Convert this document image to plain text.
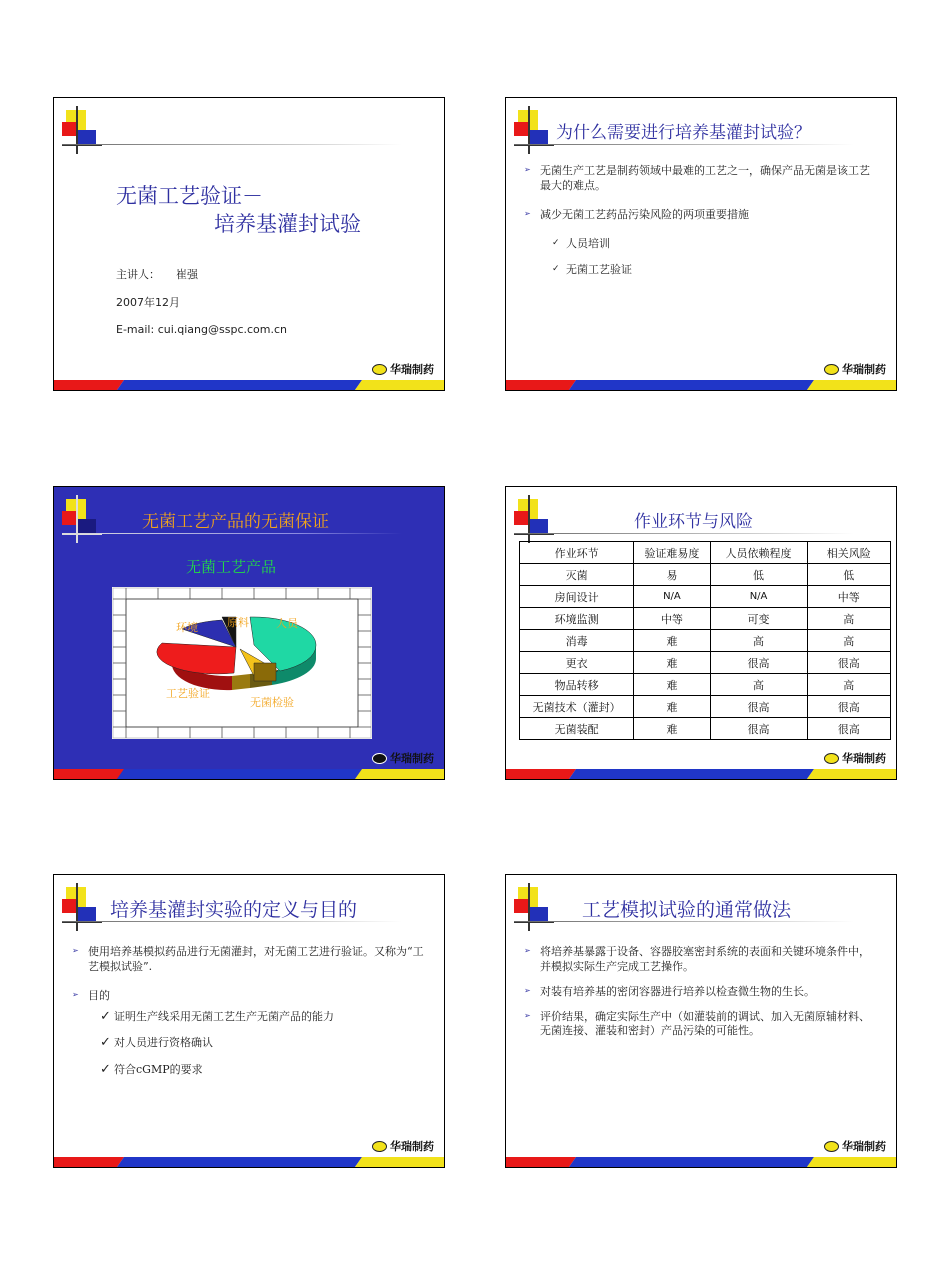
无菌工艺验证－
培养基灌封试验
主讲人： 崔强
2007年12月
E-mail: cui.qiang@sspc.com.cn
华瑞制药
为什么需要进行培养基灌封试验？
➢ 无菌生产工艺是制药领域中最难的工艺之一，确保产品无菌是该工艺最大的难点。
➢ 减少无菌工艺药品污染风险的两项重要措施
✓ 人员培训
✓ 无菌工艺验证
华瑞制药
无菌工艺产品的无菌保证
无菌工艺产品
环境	原料 人员
工艺验证
无菌检验
华瑞制药
作业环节与风险
作业环节	验证难易度	人员依赖程度	相关风险
灭菌	易	低	低
房间设计	N/A	N/A	中等
环境监测	中等	可变	高
消毒	难	高	高
更衣	难	很高	很高
物品转移	难	高	高
无菌技术（灌封）	难	很高	很高
无菌装配	难	很高	很高
华瑞制药
培养基灌封实验的定义与目的
➢ 使用培养基模拟药品进行无菌灌封，对无菌工艺进行验证。又称为“工艺模拟试验”.
➢ 目的
✓ 证明生产线采用无菌工艺生产无菌产品的能力
✓ 对人员进行资格确认
✓ 符合cGMP的要求
华瑞制药
工艺模拟试验的通常做法
➢ 将培养基暴露于设备、容器胶塞密封系统的表面和关键环境条件中，并模拟实际生产完成工艺操作。
➢ 对装有培养基的密闭容器进行培养以检查微生物的生长。
➢ 评价结果，确定实际生产中（如灌装前的调试、加入无菌原辅材料、无菌连接、灌装和密封）产品污染的可能性。
华瑞制药
